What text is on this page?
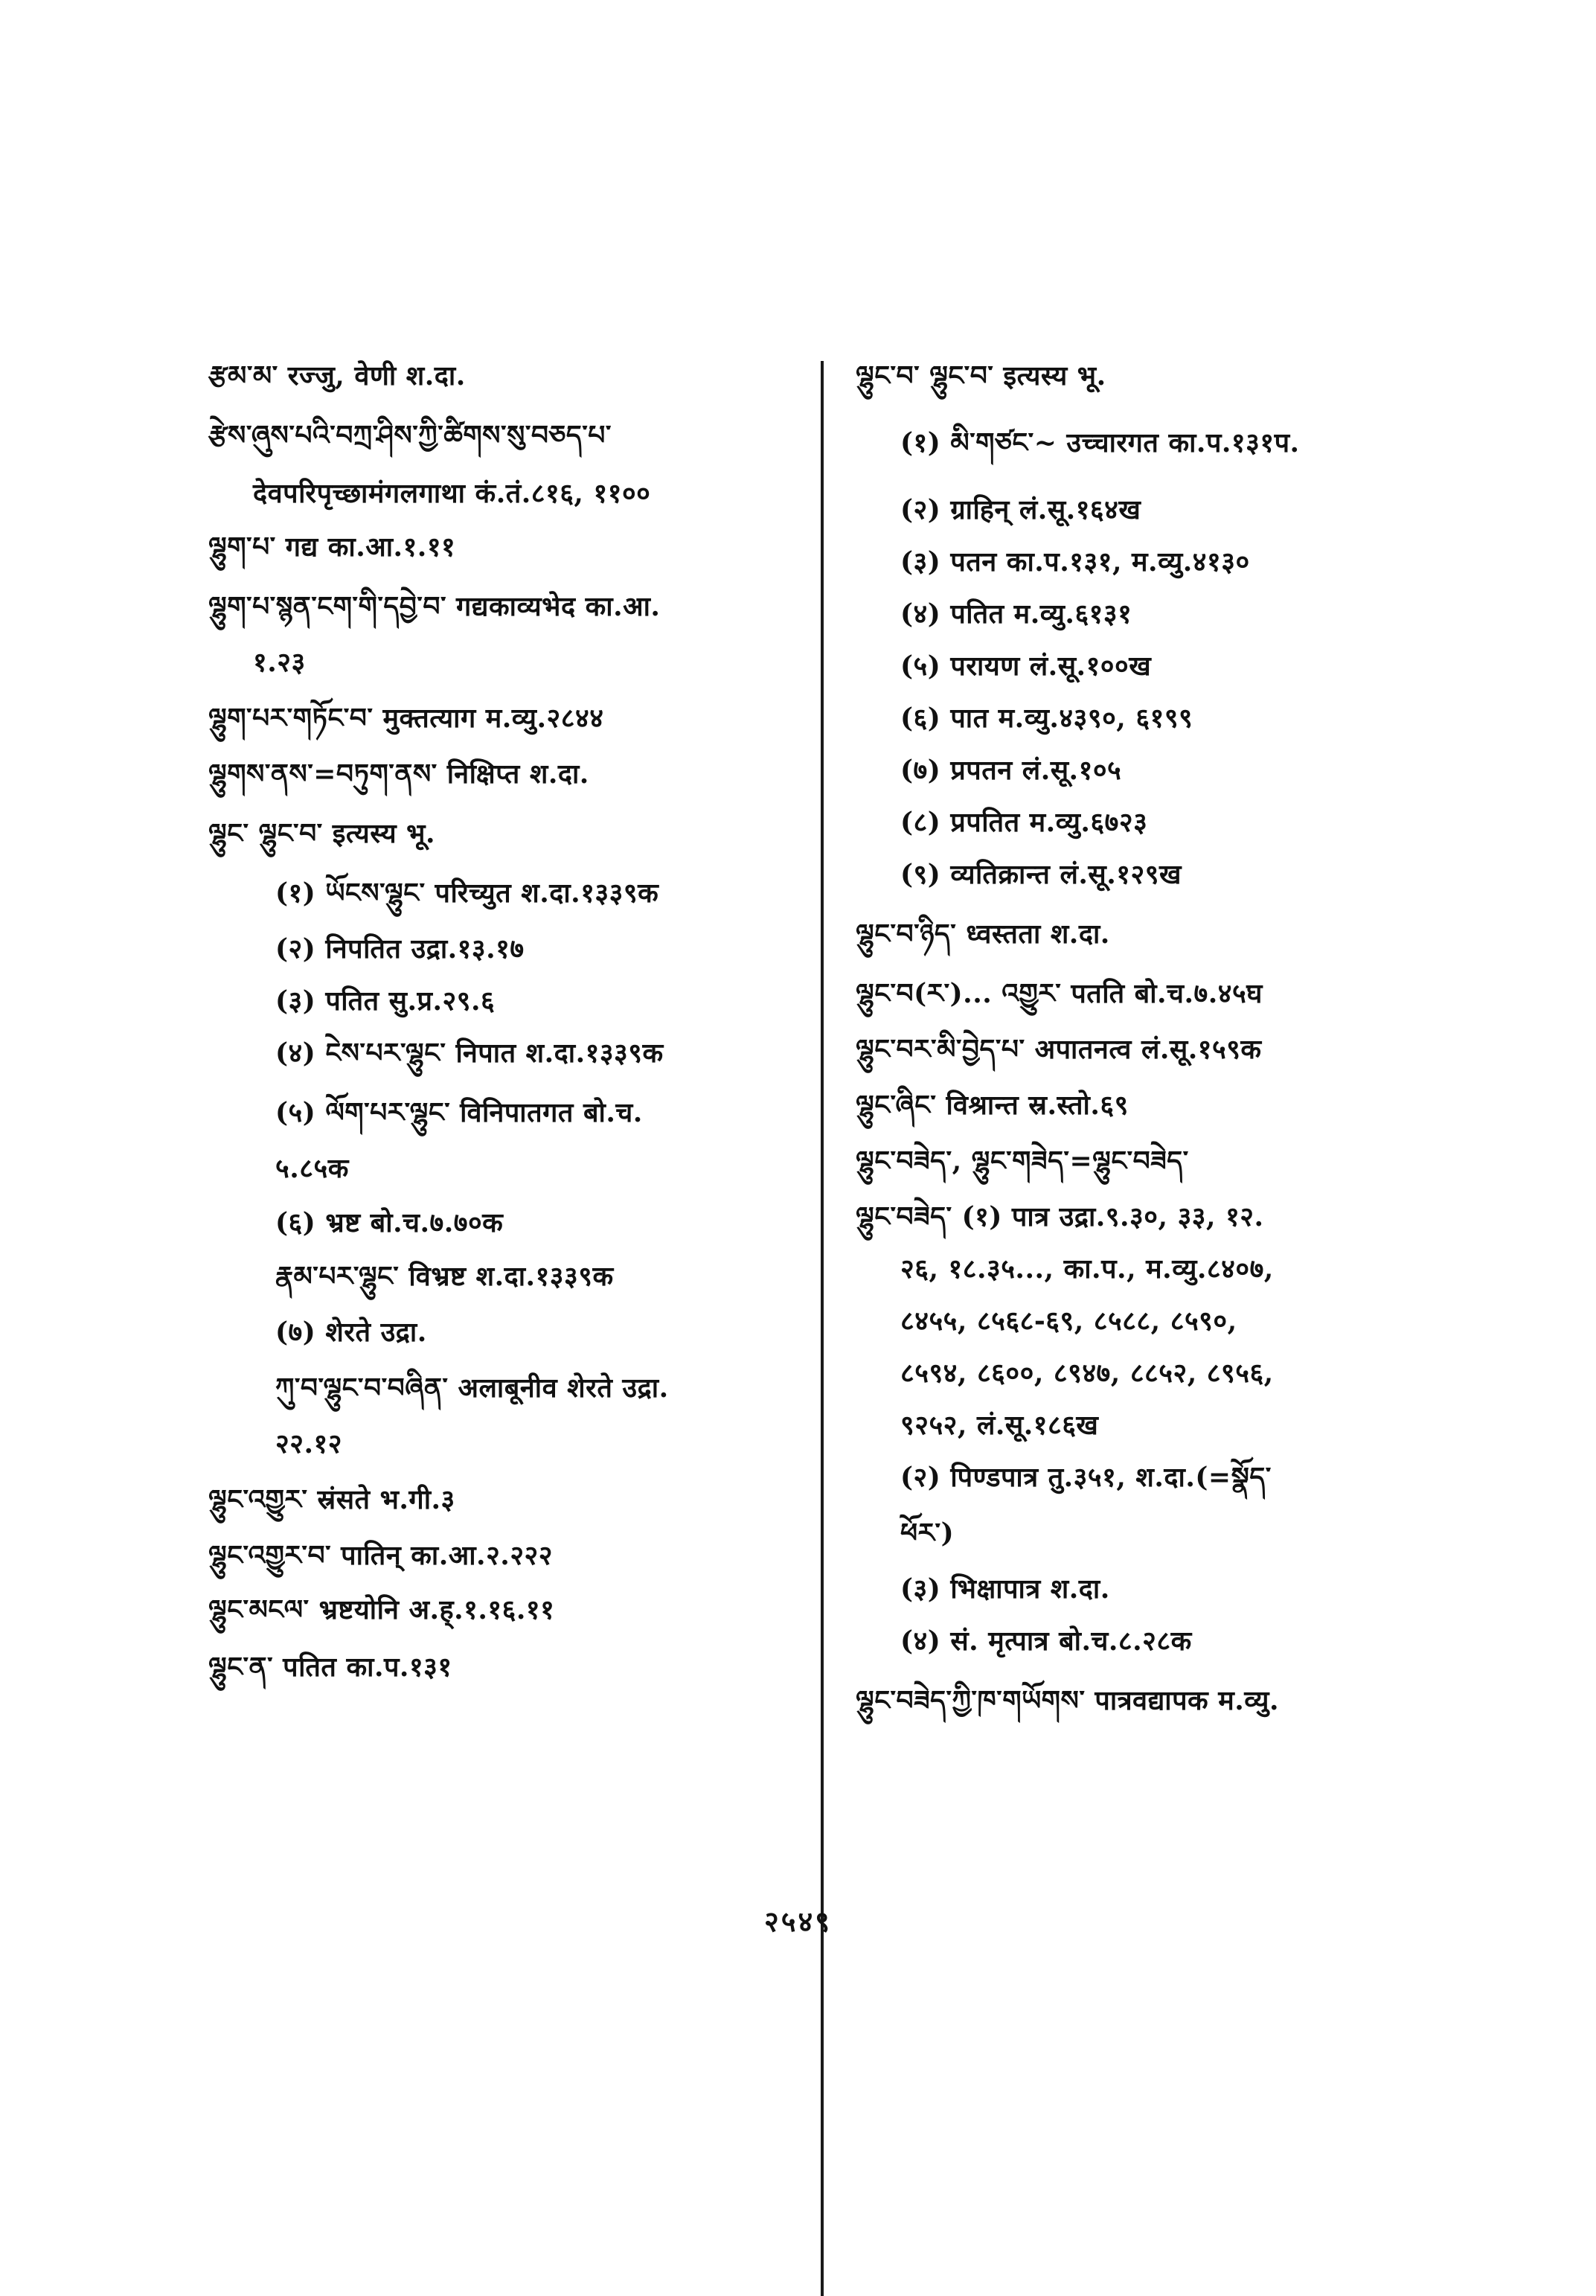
རྩམ་མ་ रज्जु, वेणी श.दा.
རྩེས་ཞུས་པའི་བཀྲ་ཤིས་ཀྱི་ཚིགས་སུ་བཅད་པ་
देवपरिपृच्छामंगलगाथा कं.तं.८१६, ११००
ལྷུག་པ་ गद्य का.आ.१.११
ལྷུག་པ་སྙན་ངག་གི་དབྱེ་བ་ गद्यकाव्यभेद का.आ.
१.२३
ལྷུག་པར་གཏོང་བ་ मुक्तत्याग म.व्यु.२८४४
ལྷུགས་ནས་=བཏུག་ནས་ निक्षिप्त श.दा.
ལྷུང་ ལྷུང་བ་ इत्यस्य भू.
(१) ཡོངས་ལྷུང་ परिच्युत श.दा.१३३९क
(२) निपतित उद्रा.१३.१७
(३) पतित सु.प्र.२९.६
(४) ངེས་པར་ལྷུང་ निपात श.दा.१३३९क
(५) ལོག་པར་ལྷུང་ विनिपातगत बो.च.
५.८५क
(६) भ्रष्ट बो.च.७.७०क
རྣམ་པར་ལྷུང་ विभ्रष्ट श.दा.१३३९क
(७) शेरते उद्रा.
ཀུ་བ་ལྷུང་བ་བཞིན་ अलाबूनीव शेरते उद्रा.
२२.१२
ལྷུང་འགྱུར་ स्रंसते भ.गी.३
ལྷུང་འགྱུར་བ་ पातिन् का.आ.२.२२२
ལྷུང་མངལ་ भ्रष्टयोनि अ.ह्.१.१६.११
ལྷུང་ན་ पतित का.प.१३१
ལྷུང་བ་ ལྷུང་བ་ इत्यस्य भू.
(१) མི་གཙང་~ उच्चारगत का.प.१३१प.
(२) ग्राहिन् लं.सू.१६४ख
(३) पतन का.प.१३१, म.व्यु.४१३०
(४) पतित म.व्यु.६१३१
(५) परायण लं.सू.१००ख
(६) पात म.व्यु.४३९०, ६१९९
(७) प्रपतन लं.सू.१०५
(८) प्रपतित म.व्यु.६७२३
(९) व्यतिक्रान्त लं.सू.१२९ख
ལྷུང་བ་ཉིད་ ध्वस्तता श.दा.
ལྷུང་བ(ར་)... འགྱུར་ पतति बो.च.७.४५घ
ལྷུང་བར་མི་བྱེད་པ་ अपातनत्व लं.सू.१५९क
ལྷུང་ཞིང་ विश्रान्त स्र.स्तो.६९
ལྷུང་བཟེད་, ལྷུང་གཟེད་=ལྷུང་བཟེད་
ལྷུང་བཟེད་ (१) पात्र उद्रा.९.३०, ३३, १२.
२६, १८.३५..., का.प., म.व्यु.८४०७,
८४५५, ८५६८-६९, ८५८८, ८५९०,
८५९४, ८६००, ८९४७, ८८५२, ८९५६,
९२५२, लं.सू.१८६ख
(२) पिण्डपात्र तु.३५१, श.दा.(=སྣོད་
ཕོར་)
(३) भिक्षापात्र श.दा.
(४) सं. मृत्पात्र बो.च.८.२८क
ལྷུང་བཟེད་ཀྱི་ཁ་གཡོགས་ पात्रवद्यापक म.व्यु.
२५४९
